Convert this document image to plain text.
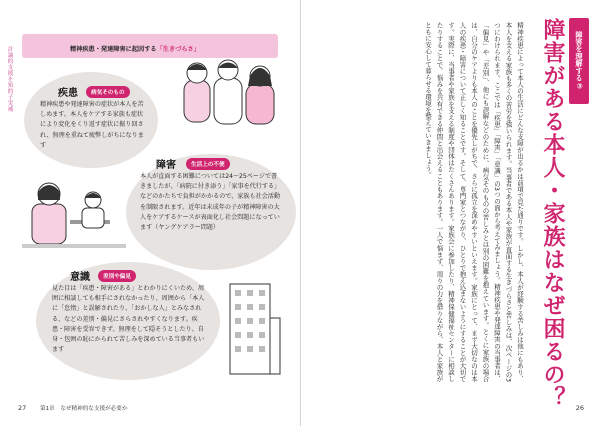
計論的支援を知的子実補	精神疾患・発達障害に起因する「生きづらさ」
疾患	病気そのもの

精神疾患や発達障害の症状が本人を苦しめます。本人をケアする家族も症状により変化をくり返す症状に振り回され、無理を重ねて疲弊しがちになります

障害	生活上の不便

本人が直面する困難については24〜25ページで書きましたが、「病院に付き添う」「家事を代行する」などのかたちで負担がかかるので、家族も社会活動を制限されます。近年は未成年の子が精神障害の大人をケアするケースが表面化し社会問題になっています（ヤングケアラー問題）

意識	差別や偏見

見た目は「疾患・障害がある」とわかりにくいため、周囲に相談しても相手にされなかったり、周囲から「本人に「怠惰」と誤解されたり、「おかしな人」とみなされる、などの差別・偏見にさらされやすくなります。疾患・障害を受容できず、無理をして隠そうとしたり、自身・包囲の恥にかられて苦しみを深めている当事者もいます

27 第1章　なぜ精神的な支援が必要か
障害を理解する③
障害がある本人・家族はなぜ困るの？

精神疾患によって本人の生活にどんな支障が出るかは前項で見た通りです。しかし、本人が経験する苦しみは他にもあり、本人を支える家族も多くの苦労を強いられます。当事者である本人や家族が直面する生きづらさと苦しみは、次ページの3つにわけられます。ここでは「疾患」「障害」「意識」の3つの面から考えてみましょう。精神疾患や発達障害の当事者は、「偏見」や「差別」、他にも誤解などのために、病気そのものの苦しみとは別の困難を抱えています。とくに家族の場合は、自分のケアよりも本人のことを優先しがちで、さらに孤立を深めやすいといえます。家族にとって、まず大切なのは本人の疾患・障害について正しく知ることです。そして、専門家とつながり、ひとりで抱え込まないようにすることが大切です。実際に、当事者や家族を支える制度や団体はたくさんあります。家族会に参加したり、精神保健福祉センターに相談したりすることで、悩みを共有できる仲間と出会えることもあります。一人で悩まず、周りの力を借りながら、本人と家族がともに安心して暮らせる環境を整えていきましょう。

26
